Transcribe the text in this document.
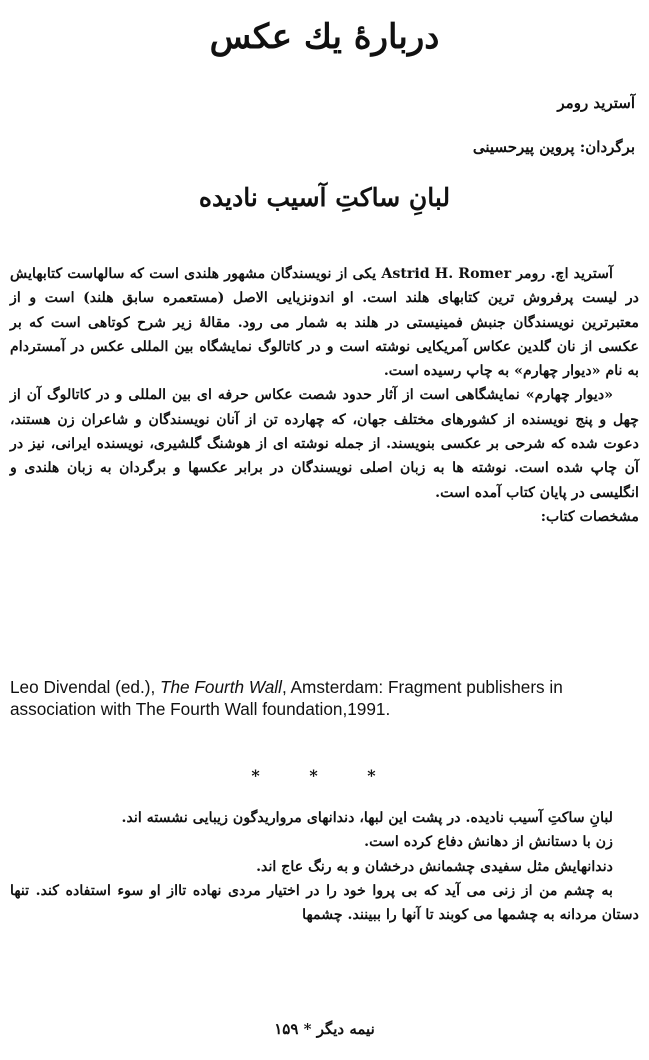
دربارهٔ یك عكس

آسترید رومر

برگردان: پروین پیرحسینی

لبانِ ساکتِ آسیب نادیده

آسترید اچ. رومر Astrid H. Romer یکی از نویسندگان مشهور هلندی است که سالهاست کتابهایش در لیست پرفروش ترین کتابهای هلند است. او اندونزیایی الاصل (مستعمره سابق هلند) است و از معتبرترین نویسندگان جنبش فمینیستی در هلند به شمار می رود. مقالهٔ زیر شرح کوتاهی است که بر عکسی از نان گلدین عکاس آمریکایی نوشته است و در کاتالوگ نمایشگاه بین المللی عکس در آمستردام به نام «دیوار چهارم» به چاپ رسیده است.

«دیوار چهارم» نمایشگاهی است از آثار حدود شصت عکاس حرفه ای بین المللی و در کاتالوگ آن از چهل و پنج نویسنده از کشورهای مختلف جهان، که چهارده تن از آنان نویسندگان و شاعران زن هستند، دعوت شده که شرحی بر عکسی بنویسند. از جمله نوشته ای از هوشنگ گلشیری، نویسنده ایرانی، نیز در آن چاپ شده است. نوشته ها به زبان اصلی نویسندگان در برابر عکسها و برگردان به زبان هلندی و انگلیسی در پایان کتاب آمده است.

مشخصات کتاب:

Leo Divendal (ed.), The Fourth Wall, Amsterdam: Fragment publishers in association with The Fourth Wall foundation,1991.

* * *

لبانِ ساکتِ آسیب نادیده. در پشت این لبها، دندانهای مرواریدگون زیبایی نشسته اند.

زن با دستانش از دهانش دفاع کرده است.

دندانهایش مثل سفیدی چشمانش درخشان و به رنگ عاج اند.

به چشم من از زنی می آید که بی پروا خود را در اختیار مردی نهاده تااز او سوء استفاده کند. تنها دستان مردانه به چشمها می کوبند تا آنها را ببینند. چشمها

نیمه دیگر * ۱۵۹
